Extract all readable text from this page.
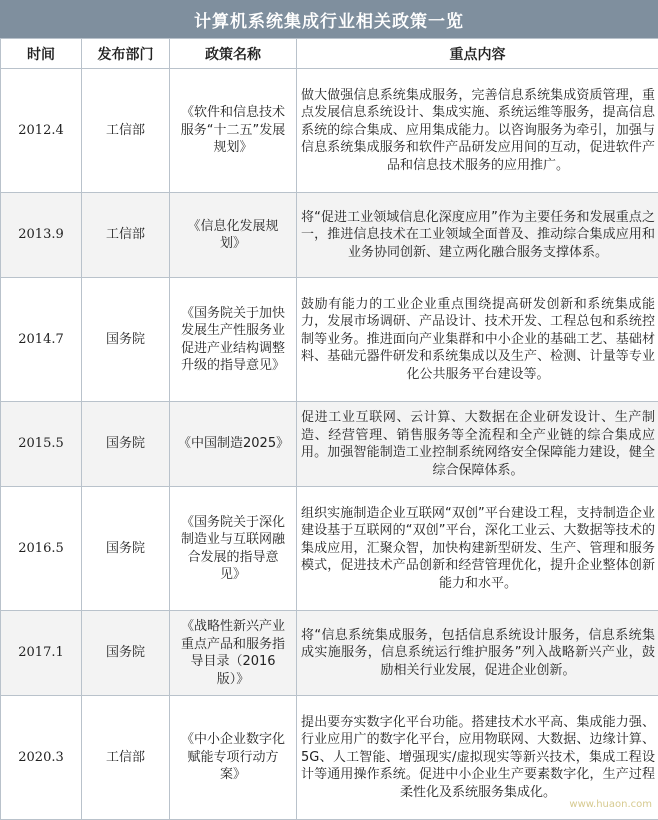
计算机系统集成行业相关政策一览
时间	发布部门	政策名称	重点内容
2012.4	工信部	《软件和信息技术服务“十二五”发展规划》	做大做强信息系统集成服务，完善信息系统集成资质管理，重点发展信息系统设计、集成实施、系统运维等服务，提高信息系统的综合集成、应用集成能力。以咨询服务为牵引，加强与信息系统集成服务和软件产品研发应用间的互动，促进软件产品和信息技术服务的应用推广。
2013.9	工信部	《信息化发展规划》	将“促进工业领域信息化深度应用”作为主要任务和发展重点之一，推进信息技术在工业领域全面普及、推动综合集成应用和业务协同创新、建立两化融合服务支撑体系。
2014.7	国务院	《国务院关于加快发展生产性服务业促进产业结构调整升级的指导意见》	鼓励有能力的工业企业重点围绕提高研发创新和系统集成能力，发展市场调研、产品设计、技术开发、工程总包和系统控制等业务。推进面向产业集群和中小企业的基础工艺、基础材料、基础元器件研发和系统集成以及生产、检测、计量等专业化公共服务平台建设等。
2015.5	国务院	《中国制造2025》	促进工业互联网、云计算、大数据在企业研发设计、生产制造、经营管理、销售服务等全流程和全产业链的综合集成应用。加强智能制造工业控制系统网络安全保障能力建设，健全综合保障体系。
2016.5	国务院	《国务院关于深化制造业与互联网融合发展的指导意见》	组织实施制造企业互联网“双创”平台建设工程，支持制造企业建设基于互联网的“双创”平台，深化工业云、大数据等技术的集成应用，汇聚众智，加快构建新型研发、生产、管理和服务模式，促进技术产品创新和经营管理优化，提升企业整体创新能力和水平。
2017.1	国务院	《战略性新兴产业重点产品和服务指导目录（2016版）》	将“信息系统集成服务，包括信息系统设计服务，信息系统集成实施服务，信息系统运行维护服务”列入战略新兴产业，鼓励相关行业发展，促进企业创新。
2020.3	工信部	《中小企业数字化赋能专项行动方案》	提出要夯实数字化平台功能。搭建技术水平高、集成能力强、行业应用广的数字化平台，应用物联网、大数据、边缘计算、5G、人工智能、增强现实/虚拟现实等新兴技术，集成工程设计等通用操作系统。促进中小企业生产要素数字化，生产过程柔性化及系统服务集成化。
www.huaon.com
